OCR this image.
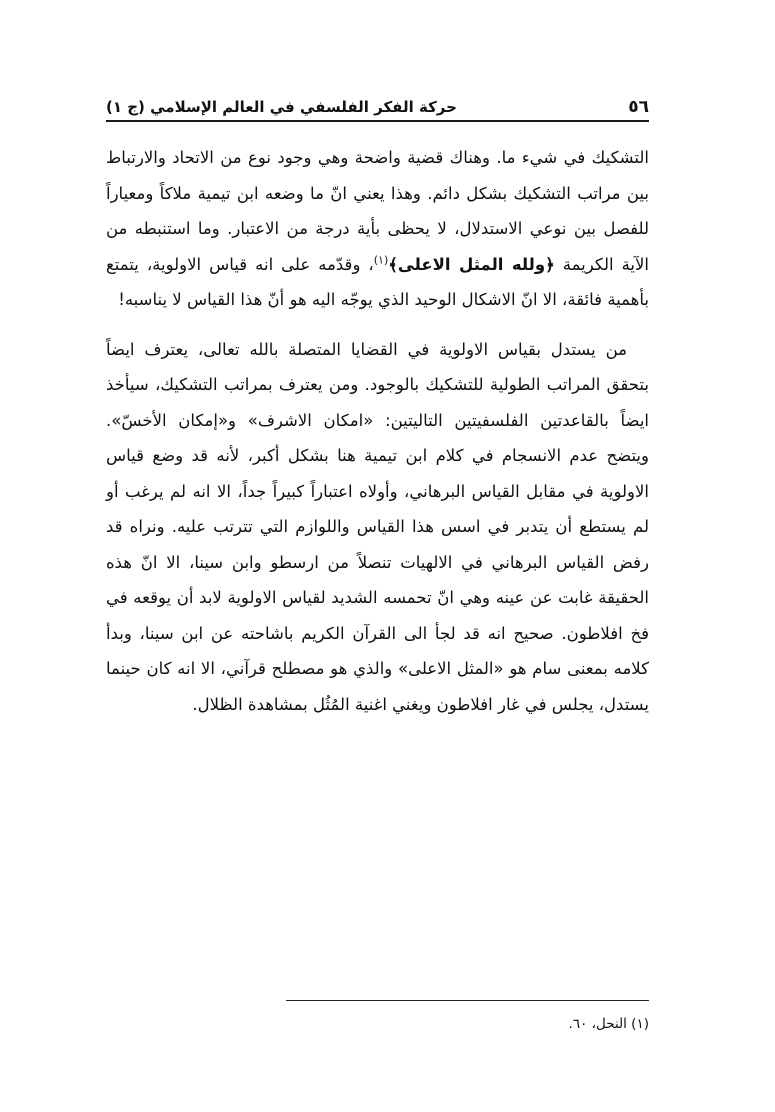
٥٦
حركة الفكر الفلسفي في العالم الإسلامي (ج ١)

التشكيك في شيء ما. وهناك قضية واضحة وهي وجود نوع من الاتحاد والارتباط بين مراتب التشكيك بشكل دائم. وهذا يعني انّ ما وضعه ابن تيمية ملاكاً ومعياراً للفصل بين نوعي الاستدلال، لا يحظى بأية درجة من الاعتبار. وما استنبطه من الآية الكريمة ﴿ولله المثل الاعلى﴾$^{(١)}$، وقدّمه على انه قياس الاولوية، يتمتع بأهمية فائقة، الا انّ الاشكال الوحيد الذي يوجّه اليه هو أنّ هذا القياس لا يناسبه!

من يستدل بقياس الاولوية في القضايا المتصلة بالله تعالى، يعترف ايضاً بتحقق المراتب الطولية للتشكيك بالوجود. ومن يعترف بمراتب التشكيك، سيأخذ ايضاً بالقاعدتين الفلسفيتين التاليتين: «امكان الاشرف» و«إمكان الأخسّ». ويتضح عدم الانسجام في كلام ابن تيمية هنا بشكل أكبر، لأنه قد وضع قياس الاولوية في مقابل القياس البرهاني، وأولاه اعتباراً كبيراً جداً، الا انه لم يرغب أو لم يستطع أن يتدبر في اسس هذا القياس واللوازم التي تترتب عليه. ونراه قد رفض القياس البرهاني في الالهيات تنصلاً من ارسطو وابن سينا، الا انّ هذه الحقيقة غابت عن عينه وهي انّ تحمسه الشديد لقياس الاولوية لابد أن يوقعه في فخ افلاطون. صحيح انه قد لجأ الى القرآن الكريم باشاحته عن ابن سينا، وبدأ كلامه بمعنى سام هو «المثل الاعلى» والذي هو مصطلح قرآني، الا انه كان حينما يستدل، يجلس في غار افلاطون ويغني اغنية المُثُل بمشاهدة الظلال.

(١) النحل، ٦٠.
